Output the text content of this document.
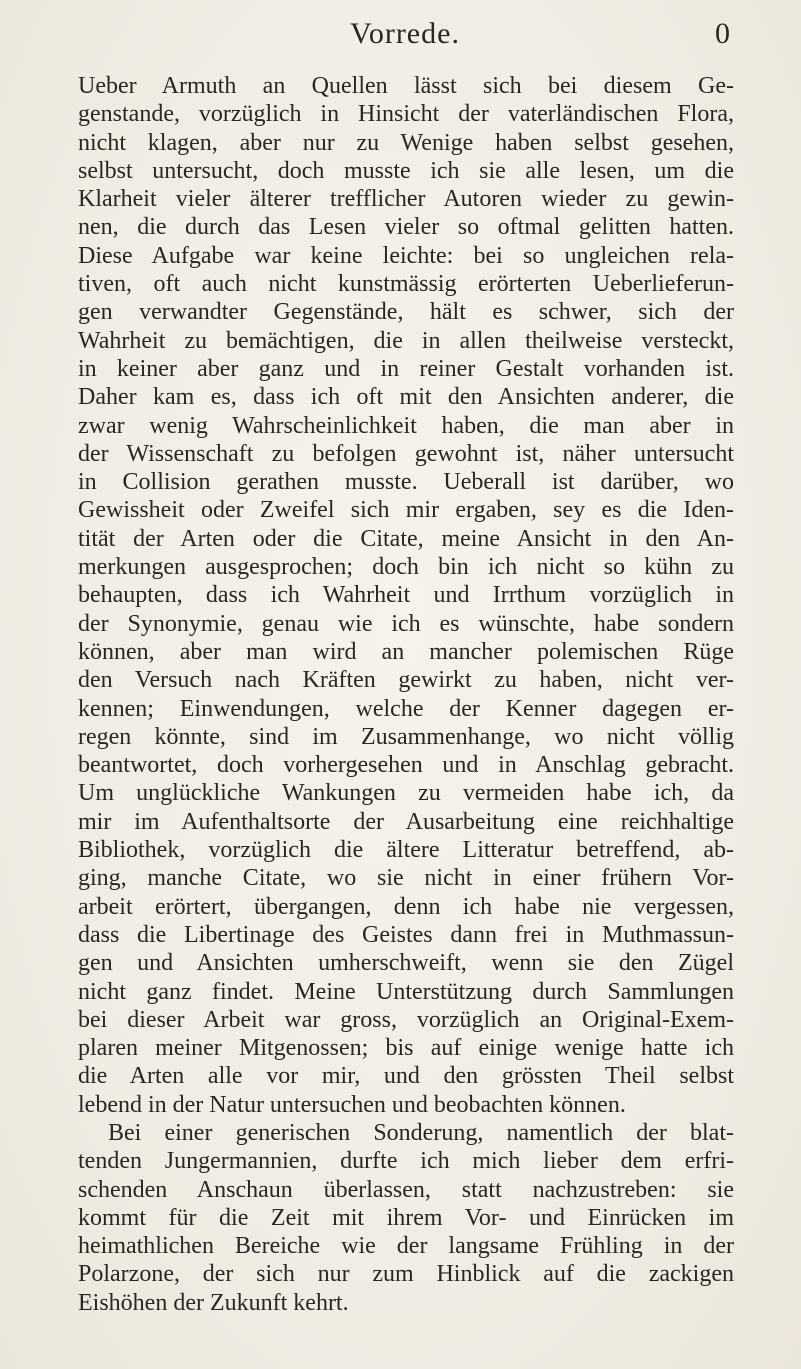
Vorrede.	0
Ueber Armuth an Quellen lässt sich bei diesem Ge-
genstande, vorzüglich in Hinsicht der vaterländischen Flora,
nicht klagen, aber nur zu Wenige haben selbst gesehen,
selbst untersucht, doch musste ich sie alle lesen, um die
Klarheit vieler älterer trefflicher Autoren wieder zu gewin-
nen, die durch das Lesen vieler so oftmal gelitten hatten.
Diese Aufgabe war keine leichte: bei so ungleichen rela-
tiven, oft auch nicht kunstmässig erörterten Ueberlieferun-
gen verwandter Gegenstände, hält es schwer, sich der
Wahrheit zu bemächtigen, die in allen theilweise versteckt,
in keiner aber ganz und in reiner Gestalt vorhanden ist.
Daher kam es, dass ich oft mit den Ansichten anderer, die
zwar wenig Wahrscheinlichkeit haben, die man aber in
der Wissenschaft zu befolgen gewohnt ist, näher untersucht
in Collision gerathen musste. Ueberall ist darüber, wo
Gewissheit oder Zweifel sich mir ergaben, sey es die Iden-
tität der Arten oder die Citate, meine Ansicht in den An-
merkungen ausgesprochen; doch bin ich nicht so kühn zu
behaupten, dass ich Wahrheit und Irrthum vorzüglich in
der Synonymie, genau wie ich es wünschte, habe sondern
können, aber man wird an mancher polemischen Rüge
den Versuch nach Kräften gewirkt zu haben, nicht ver-
kennen; Einwendungen, welche der Kenner dagegen er-
regen könnte, sind im Zusammenhange, wo nicht völlig
beantwortet, doch vorhergesehen und in Anschlag gebracht.
Um unglückliche Wankungen zu vermeiden habe ich, da
mir im Aufenthaltsorte der Ausarbeitung eine reichhaltige
Bibliothek, vorzüglich die ältere Litteratur betreffend, ab-
ging, manche Citate, wo sie nicht in einer frühern Vor-
arbeit erörtert, übergangen, denn ich habe nie vergessen,
dass die Libertinage des Geistes dann frei in Muthmassun-
gen und Ansichten umherschweift, wenn sie den Zügel
nicht ganz findet. Meine Unterstützung durch Sammlungen
bei dieser Arbeit war gross, vorzüglich an Original-Exem-
plaren meiner Mitgenossen; bis auf einige wenige hatte ich
die Arten alle vor mir, und den grössten Theil selbst
lebend in der Natur untersuchen und beobachten können.
Bei einer generischen Sonderung, namentlich der blat-
tenden Jungermannien, durfte ich mich lieber dem erfri-
schenden Anschaun überlassen, statt nachzustreben: sie
kommt für die Zeit mit ihrem Vor- und Einrücken im
heimathlichen Bereiche wie der langsame Frühling in der
Polarzone, der sich nur zum Hinblick auf die zackigen
Eishöhen der Zukunft kehrt.
